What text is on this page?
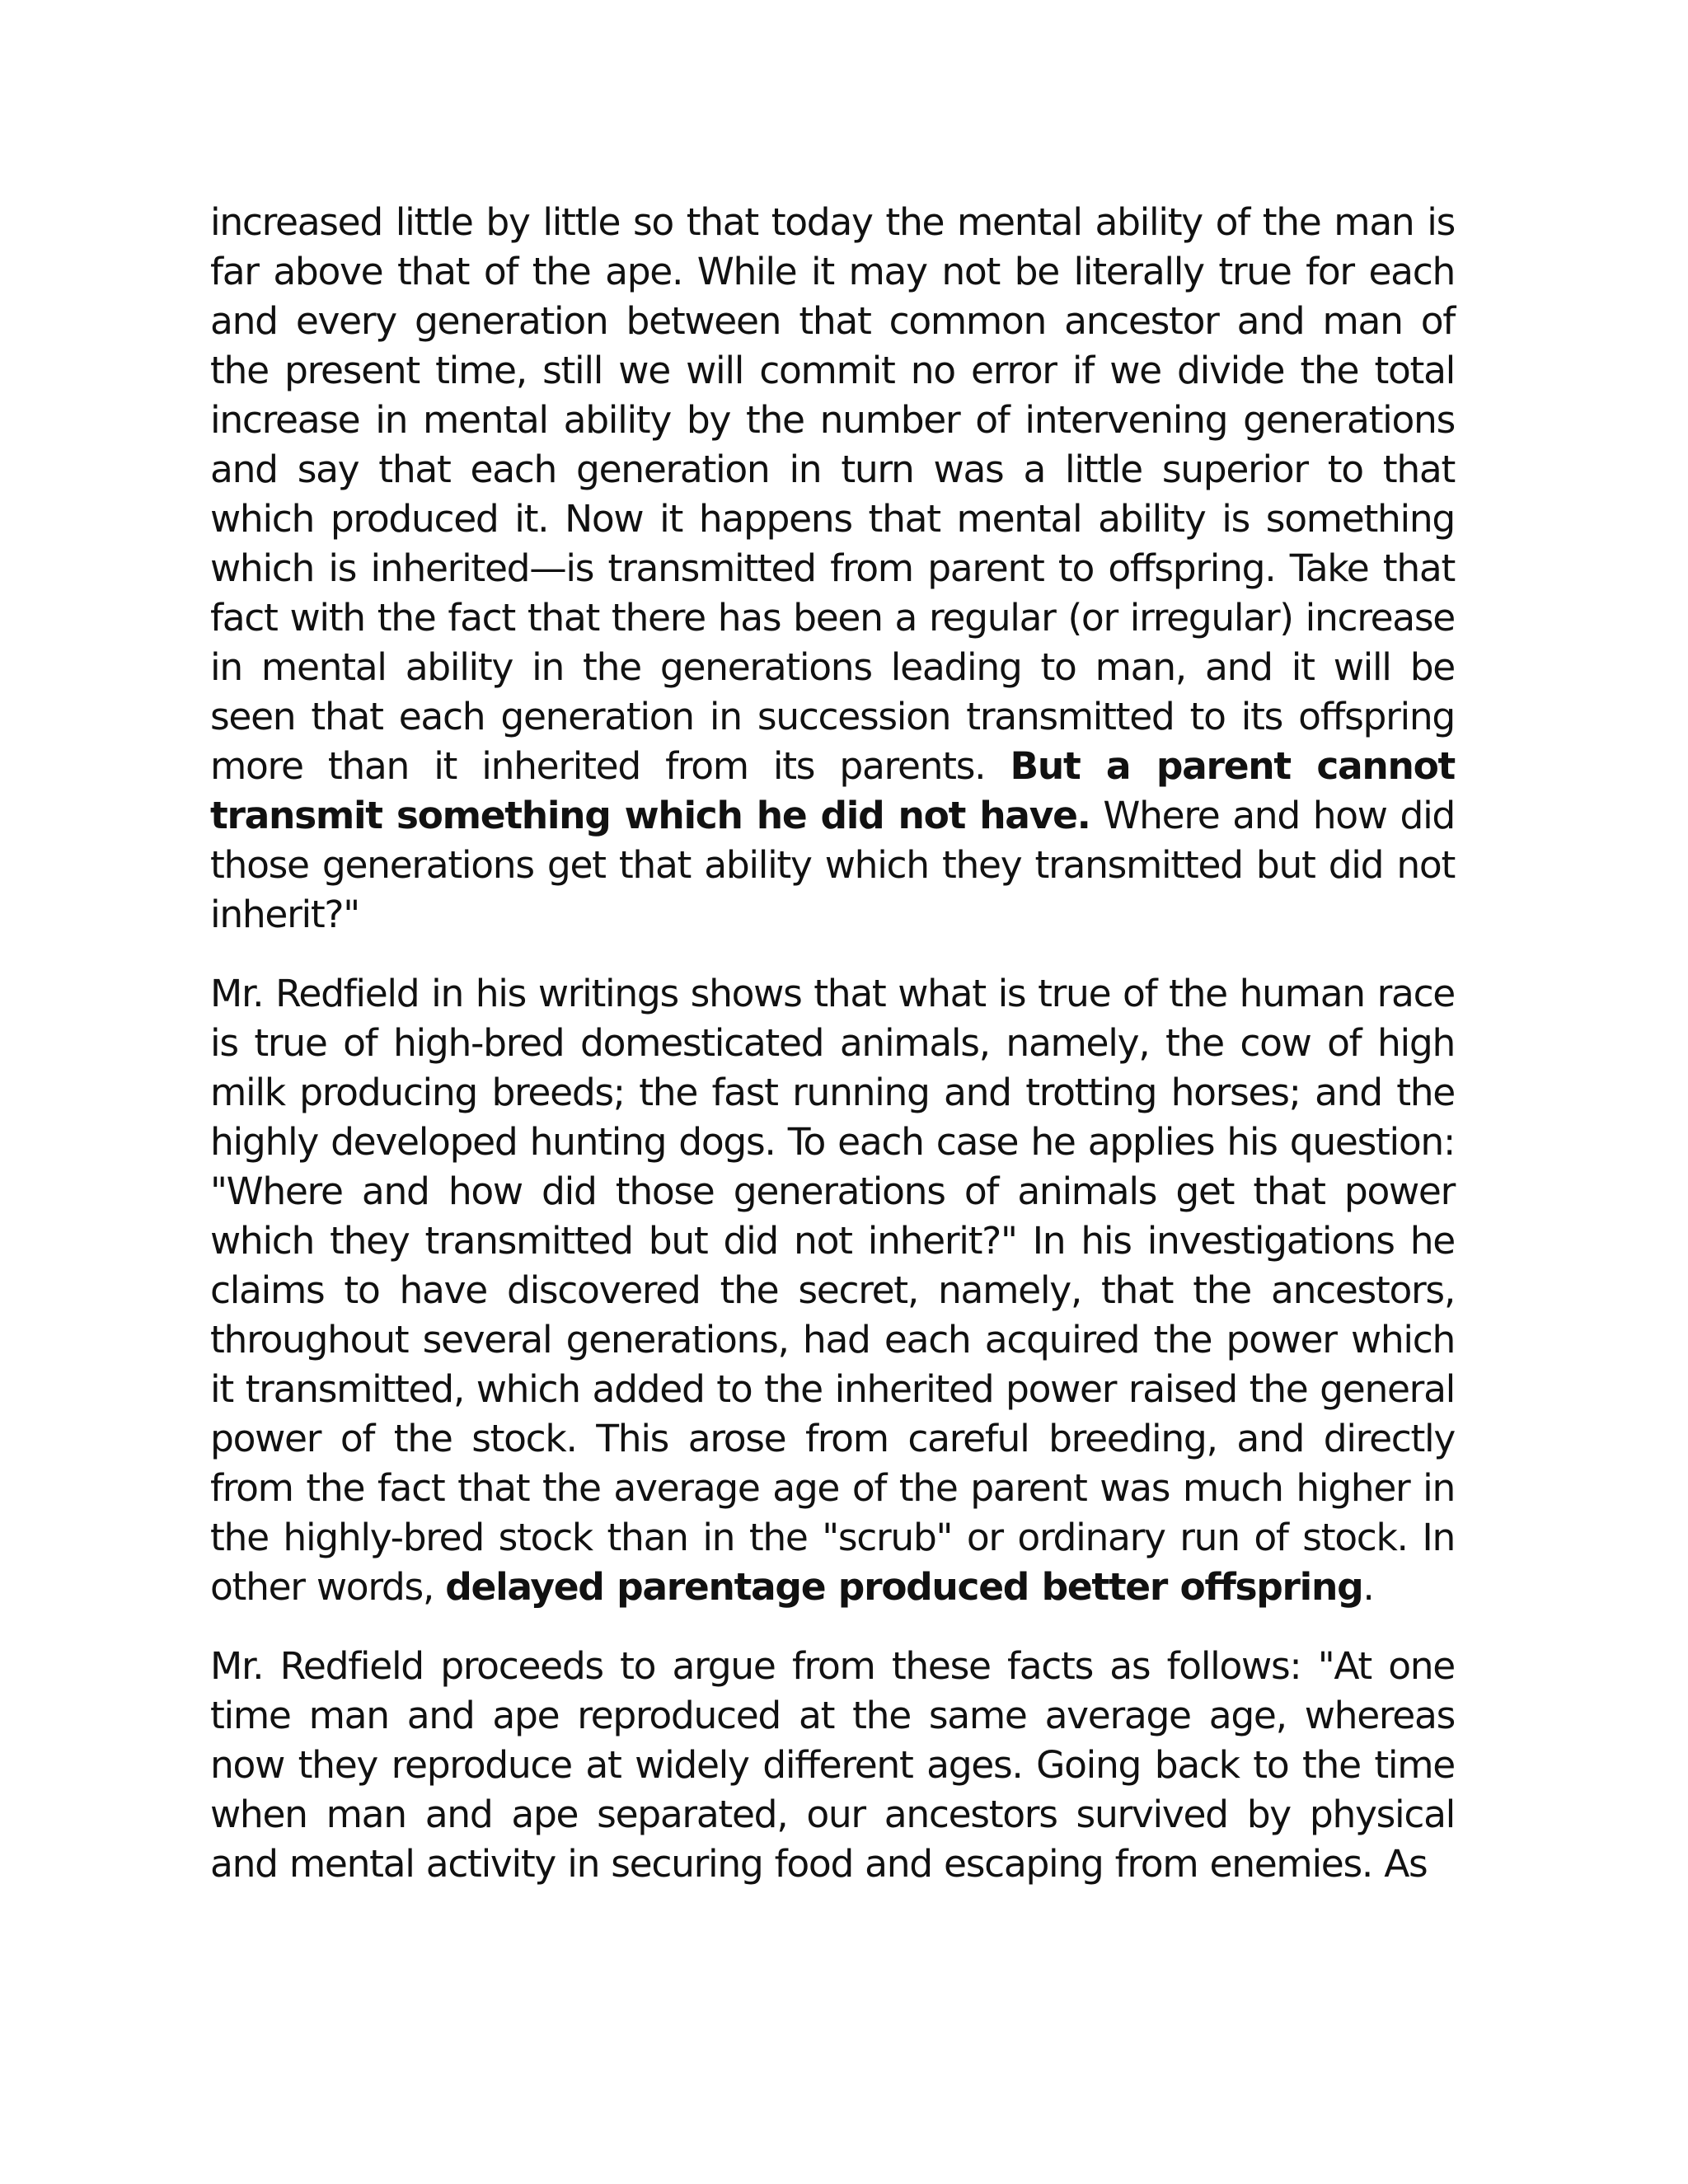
increased little by little so that today the mental ability of the man is far above that of the ape. While it may not be literally true for each and every generation between that common ancestor and man of the present time, still we will commit no error if we divide the total increase in mental ability by the number of intervening generations and say that each generation in turn was a little superior to that which produced it. Now it happens that mental ability is something which is inherited—is transmitted from parent to offspring. Take that fact with the fact that there has been a regular (or irregular) increase in mental ability in the generations leading to man, and it will be seen that each generation in succession transmitted to its offspring more than it inherited from its parents. But a parent cannot transmit something which he did not have. Where and how did those generations get that ability which they transmitted but did not inherit?"

Mr. Redfield in his writings shows that what is true of the human race is true of high-bred domesticated animals, namely, the cow of high milk producing breeds; the fast running and trotting horses; and the highly developed hunting dogs. To each case he applies his question: "Where and how did those generations of animals get that power which they transmitted but did not inherit?" In his investigations he claims to have discovered the secret, namely, that the ancestors, throughout several generations, had each acquired the power which it transmitted, which added to the inherited power raised the general power of the stock. This arose from careful breeding, and directly from the fact that the average age of the parent was much higher in the highly-bred stock than in the "scrub" or ordinary run of stock. In other words, delayed parentage produced better offspring.

Mr. Redfield proceeds to argue from these facts as follows: "At one time man and ape reproduced at the same average age, whereas now they reproduce at widely different ages. Going back to the time when man and ape separated, our ancestors survived by physical and mental activity in securing food and escaping from enemies. As
